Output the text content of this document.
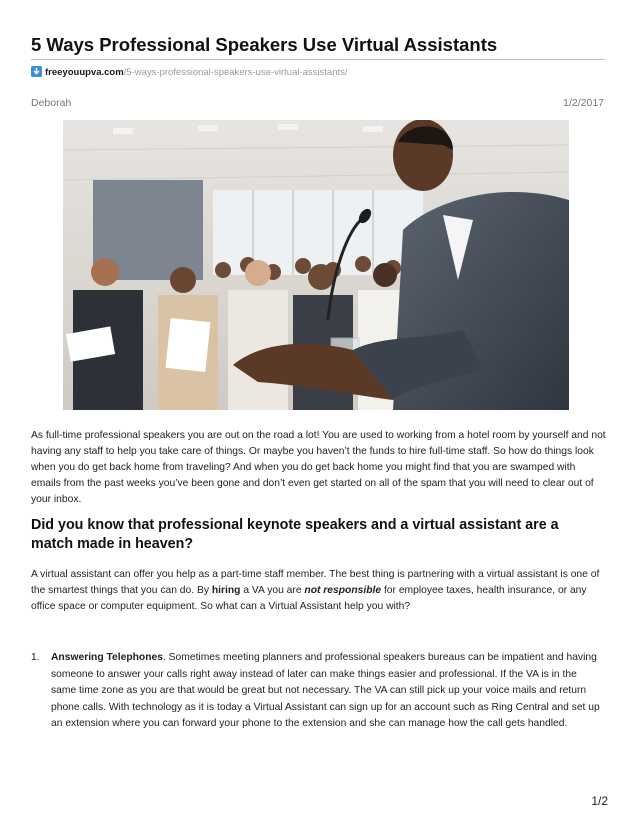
5 Ways Professional Speakers Use Virtual Assistants
freeyouupva.com/5-ways-professional-speakers-use-virtual-assistants/
Deborah	1/2/2017

As full-time professional speakers you are out on the road a lot! You are used to working from a hotel room by yourself and not having any staff to help you take care of things. Or maybe you haven’t the funds to hire full-time staff. So how do things look when you do get back home from traveling? And when you do get back home you might find that you are swamped with emails from the past weeks you’ve been gone and don’t even get started on all of the spam that you will need to clear out of your inbox.

Did you know that professional keynote speakers and a virtual assistant are a match made in heaven?

A virtual assistant can offer you help as a part-time staff member. The best thing is partnering with a virtual assistant is one of the smartest things that you can do. By hiring a VA you are not responsible for employee taxes, health insurance, or any office space or computer equipment. So what can a Virtual Assistant help you with?

1. Answering Telephones. Sometimes meeting planners and professional speakers bureaus can be impatient and having someone to answer your calls right away instead of later can make things easier and professional. If the VA is in the same time zone as you are that would be great but not necessary. The VA can still pick up your voice mails and return phone calls. With technology as it is today a Virtual Assistant can sign up for an account such as Ring Central and set up an extension where you can forward your phone to the extension and she can manage how the call gets handled.
1/2
